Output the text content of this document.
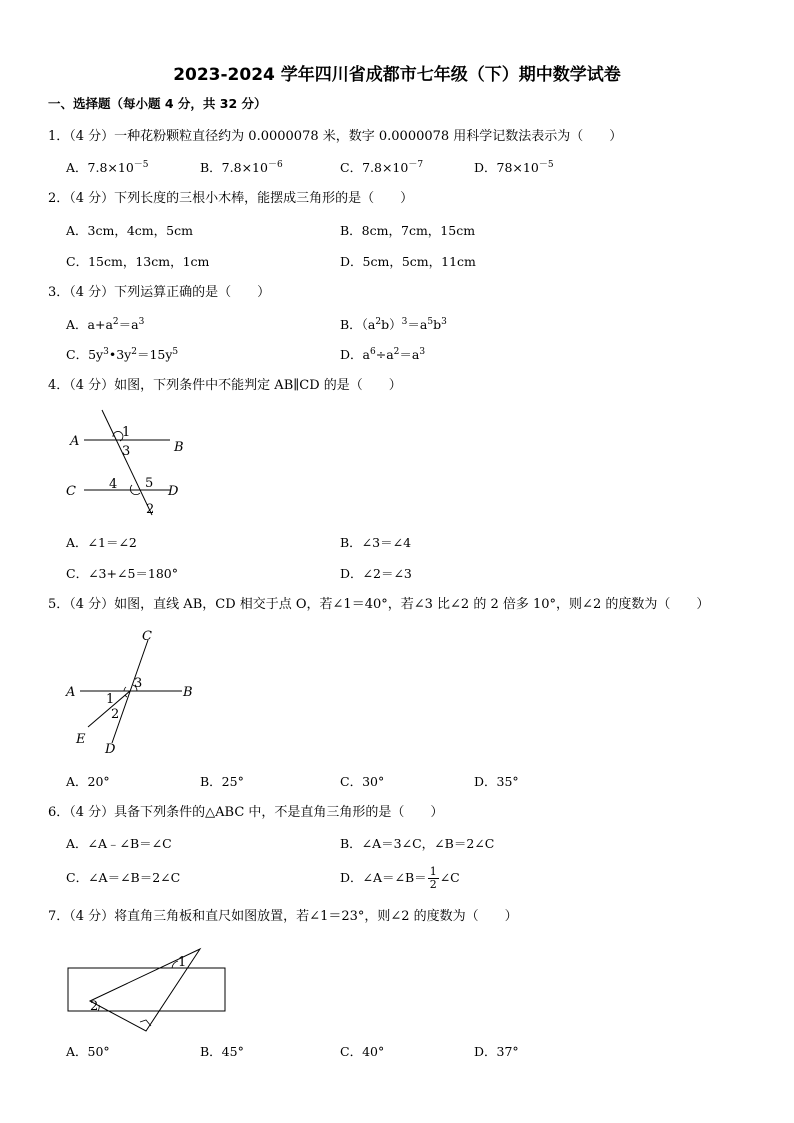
2023-2024 学年四川省成都市七年级（下）期中数学试卷
一、选择题（每小题 4 分，共 32 分）
1．（4 分）一种花粉颗粒直径约为 0.0000078 米，数字 0.0000078 用科学记数法表示为（　　）
A．$7.8\times 10^{-5}$	B．$7.8\times 10^{-6}$	C．$7.8\times 10^{-7}$	D．$78\times 10^{-5}$
2．（4 分）下列长度的三根小木棒，能摆成三角形的是（　　）
A．3cm，4cm，5cm	B．8cm，7cm，15cm
C．15cm，13cm，1cm	D．5cm，5cm，11cm
3．（4 分）下列运算正确的是（　　）
A．$a+a^2=a^3$	B．$(a^2b)^3=a^5b^3$
C．$5y^3•3y^2=15y^5$	D．$a^6\div a^2=a^3$
4．（4 分）如图，下列条件中不能判定 AB∥CD 的是（　　）
A	B
C	D
1
3
4 5
2
A．∠1＝∠2	B．∠3＝∠4
C．∠3+∠5＝180°	D．∠2＝∠3
5．（4 分）如图，直线 AB，CD 相交于点 O，若∠1＝40°，若∠3 比∠2 的 2 倍多 10°，则∠2 的度数为（　　）
C
A	B
E
D
1
2
3
A．20°	B．25°	C．30°	D．35°
6．（4 分）具备下列条件的△ABC 中，不是直角三角形的是（　　）
A．∠A﹣∠B＝∠C	B．∠A＝3∠C，∠B＝2∠C
C．∠A＝∠B＝2∠C	D．∠A＝∠B＝ $\frac{1}{2}$ ∠C
7．（4 分）将直角三角板和直尺如图放置，若∠1＝23°，则∠2 的度数为（　　）
1
2
A．50°	B．45°	C．40°	D．37°
